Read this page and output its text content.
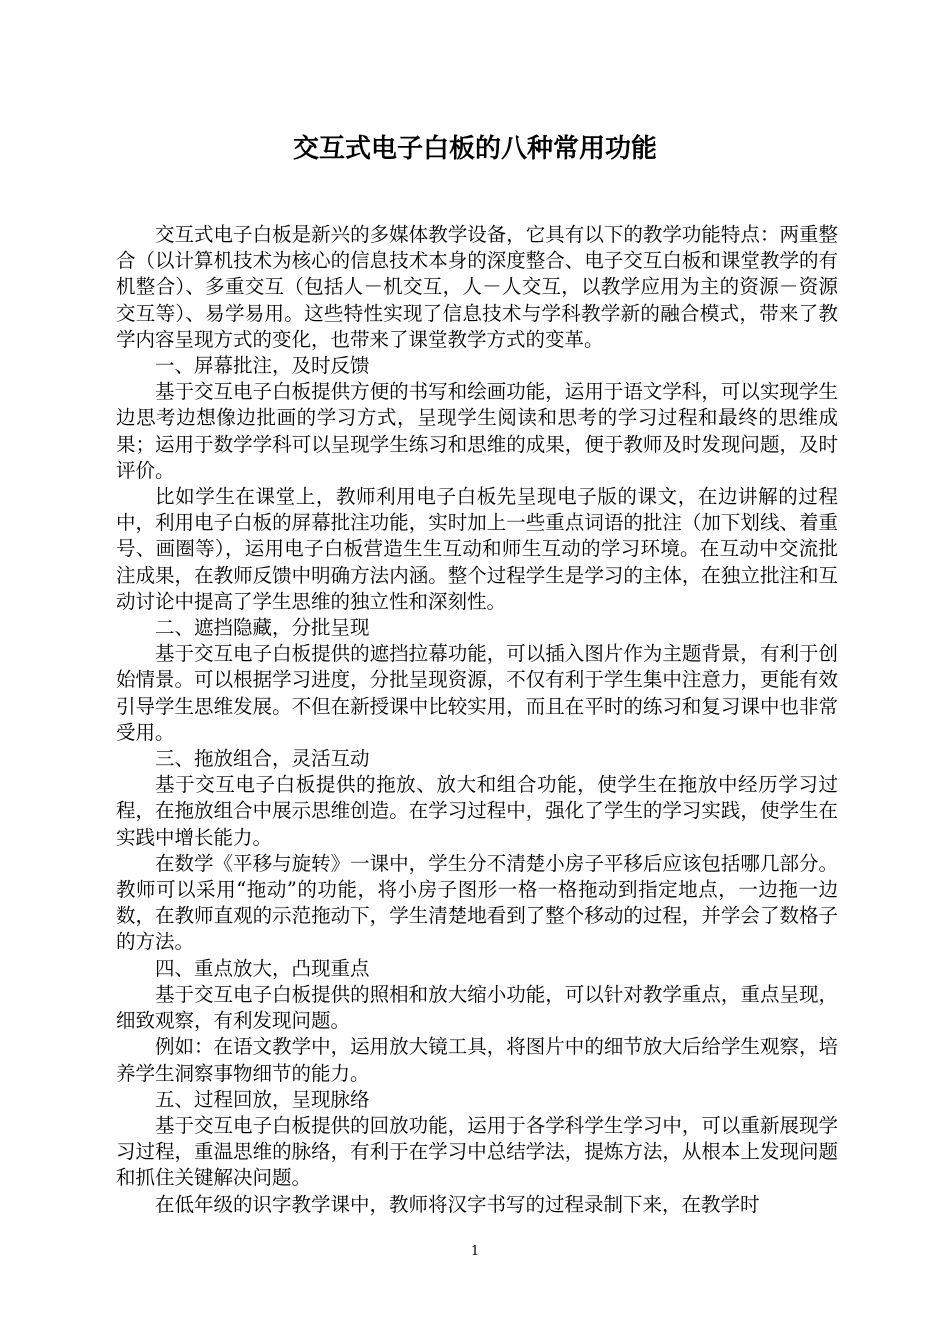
交互式电子白板的八种常用功能

交互式电子白板是新兴的多媒体教学设备，它具有以下的教学功能特点：两重整合（以计算机技术为核心的信息技术本身的深度整合、电子交互白板和课堂教学的有机整合）、多重交互（包括人－机交互，人－人交互，以教学应用为主的资源－资源交互等）、易学易用。这些特性实现了信息技术与学科教学新的融合模式，带来了教学内容呈现方式的变化，也带来了课堂教学方式的变革。

一、屏幕批注，及时反馈

基于交互电子白板提供方便的书写和绘画功能，运用于语文学科，可以实现学生边思考边想像边批画的学习方式，呈现学生阅读和思考的学习过程和最终的思维成果；运用于数学学科可以呈现学生练习和思维的成果，便于教师及时发现问题，及时评价。

比如学生在课堂上，教师利用电子白板先呈现电子版的课文，在边讲解的过程中，利用电子白板的屏幕批注功能，实时加上一些重点词语的批注（加下划线、着重号、画圈等），运用电子白板营造生生互动和师生互动的学习环境。在互动中交流批注成果，在教师反馈中明确方法内涵。整个过程学生是学习的主体，在独立批注和互动讨论中提高了学生思维的独立性和深刻性。

二、遮挡隐藏，分批呈现

基于交互电子白板提供的遮挡拉幕功能，可以插入图片作为主题背景，有利于创始情景。可以根据学习进度，分批呈现资源，不仅有利于学生集中注意力，更能有效引导学生思维发展。不但在新授课中比较实用，而且在平时的练习和复习课中也非常受用。

三、拖放组合，灵活互动

基于交互电子白板提供的拖放、放大和组合功能，使学生在拖放中经历学习过程，在拖放组合中展示思维创造。在学习过程中，强化了学生的学习实践，使学生在实践中增长能力。

在数学《平移与旋转》一课中，学生分不清楚小房子平移后应该包括哪几部分。教师可以采用“拖动”的功能，将小房子图形一格一格拖动到指定地点，一边拖一边数，在教师直观的示范拖动下，学生清楚地看到了整个移动的过程，并学会了数格子的方法。

四、重点放大，凸现重点

基于交互电子白板提供的照相和放大缩小功能，可以针对教学重点，重点呈现，细致观察，有利发现问题。

例如：在语文教学中，运用放大镜工具，将图片中的细节放大后给学生观察，培养学生洞察事物细节的能力。

五、过程回放，呈现脉络

基于交互电子白板提供的回放功能，运用于各学科学生学习中，可以重新展现学习过程，重温思维的脉络，有利于在学习中总结学法，提炼方法，从根本上发现问题和抓住关键解决问题。

在低年级的识字教学课中，教师将汉字书写的过程录制下来，在教学时

1
